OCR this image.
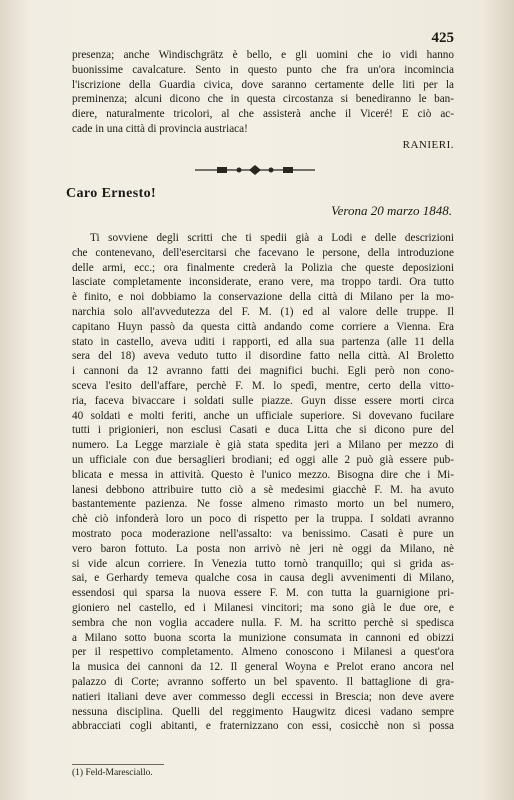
425
presenza; anche Windischgrätz è bello, e gli uomini che io vidi hanno
buonissime cavalcature. Sento in questo punto che fra un'ora incomincia
l'iscrizione della Guardia civica, dove saranno certamente delle liti per la
preminenza; alcuni dicono che in questa circostanza si benediranno le ban-
diere, naturalmente tricolori, al che assisterà anche il Viceré! E ciò ac-
cade in una città di provincia austriaca!
RANIERI.
Caro Ernesto!
Verona 20 marzo 1848.
Ti sovviene degli scritti che ti spedii già a Lodi e delle descrizioni
che contenevano, dell'esercitarsi che facevano le persone, della introduzione
delle armi, ecc.; ora finalmente crederà la Polizia che queste deposizioni
lasciate completamente inconsiderate, erano vere, ma troppo tardi. Ora tutto
è finito, e noi dobbiamo la conservazione della città di Milano per la mo-
narchia solo all'avvedutezza del F. M. (1) ed al valore delle truppe. Il
capitano Huyn passò da questa città andando come corriere a Vienna. Era
stato in castello, aveva uditi i rapporti, ed alla sua partenza (alle 11 della
sera del 18) aveva veduto tutto il disordine fatto nella città. Al Broletto
i cannoni da 12 avranno fatti dei magnifici buchi. Egli però non cono-
sceva l'esito dell'affare, perchè F. M. lo spedì, mentre, certo della vitto-
ria, faceva bivaccare i soldati sulle piazze. Guyn disse essere morti circa
40 soldati e molti feriti, anche un ufficiale superiore. Si dovevano fucilare
tutti i prigionieri, non esclusi Casati e duca Litta che si dicono pure del
numero. La Legge marziale è già stata spedita jeri a Milano per mezzo di
un ufficiale con due bersaglieri brodiani; ed oggi alle 2 può già essere pub-
blicata e messa in attività. Questo è l'unico mezzo. Bisogna dire che i Mi-
lanesi debbono attribuire tutto ciò a sè medesimi giacchè F. M. ha avuto
bastantemente pazienza. Ne fosse almeno rimasto morto un bel numero,
chè ciò infonderà loro un poco di rispetto per la truppa. I soldati avranno
mostrato poca moderazione nell'assalto: va benissimo. Casati è pure un
vero baron fottuto. La posta non arrivò nè jeri nè oggi da Milano, nè
si vide alcun corriere. In Venezia tutto tornò tranquillo; qui si grida as-
sai, e Gerhardy temeva qualche cosa in causa degli avvenimenti di Milano,
essendosi qui sparsa la nuova essere F. M. con tutta la guarnigione pri-
gioniero nel castello, ed i Milanesi vincitori; ma sono già le due ore, e
sembra che non voglia accadere nulla. F. M. ha scritto perchè si spedisca
a Milano sotto buona scorta la munizione consumata in cannoni ed obizzi
per il respettivo completamento. Almeno conoscono i Milanesi a quest'ora
la musica dei cannoni da 12. Il general Woyna e Prelot erano ancora nel
palazzo di Corte; avranno sofferto un bel spavento. Il battaglione di gra-
natieri italiani deve aver commesso degli eccessi in Brescia; non deve avere
nessuna disciplina. Quelli del reggimento Haugwitz dicesi vadano sempre
abbracciati cogli abitanti, e fraternizzano con essi, cosicchè non si possa
(1) Feld-Maresciallo.
